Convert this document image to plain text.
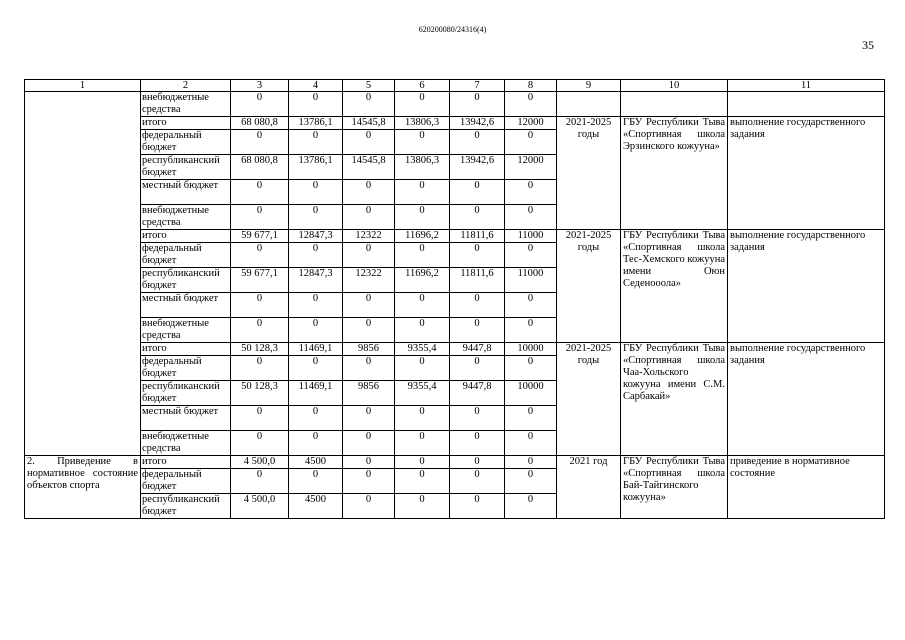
620200080/24316(4)
35
1	2	3	4	5	6	7	8	9	10	11
	внебюджетные средства	0	0	0	0	0	0			
	итого	68 080,8	13786,1	14545,8	13806,3	13942,6	12000	2021-2025 годы	ГБУ Республики Тыва «Спортивная школа Эрзинского кожууна»	выполнение государственного задания
	федеральный бюджет	0	0	0	0	0	0			
	республиканский бюджет	68 080,8	13786,1	14545,8	13806,3	13942,6	12000			
	местный бюджет	0	0	0	0	0	0			
	внебюджетные средства	0	0	0	0	0	0			
	итого	59 677,1	12847,3	12322	11696,2	11811,6	11000	2021-2025 годы	ГБУ Республики Тыва «Спортивная школа Тес-Хемского кожууна имени Оюн Седенооола»	выполнение государственного задания
	федеральный бюджет	0	0	0	0	0	0			
	республиканский бюджет	59 677,1	12847,3	12322	11696,2	11811,6	11000			
	местный бюджет	0	0	0	0	0	0			
	внебюджетные средства	0	0	0	0	0	0			
	итого	50 128,3	11469,1	9856	9355,4	9447,8	10000	2021-2025 годы	ГБУ Республики Тыва «Спортивная школа Чаа-Хольского кожууна имени С.М. Сарбакай»	выполнение государственного задания
	федеральный бюджет	0	0	0	0	0	0			
	республиканский бюджет	50 128,3	11469,1	9856	9355,4	9447,8	10000			
	местный бюджет	0	0	0	0	0	0			
	внебюджетные средства	0	0	0	0	0	0			
2. Приведение в нормативное состояние объектов спорта	итого	4 500,0	4500	0	0	0	0	2021 год	ГБУ Республики Тыва «Спортивная школа Бай-Тайгинского кожууна»	приведение в нормативное состояние
	федеральный бюджет	0	0	0	0	0	0			
	республиканский бюджет	4 500,0	4500	0	0	0	0			
